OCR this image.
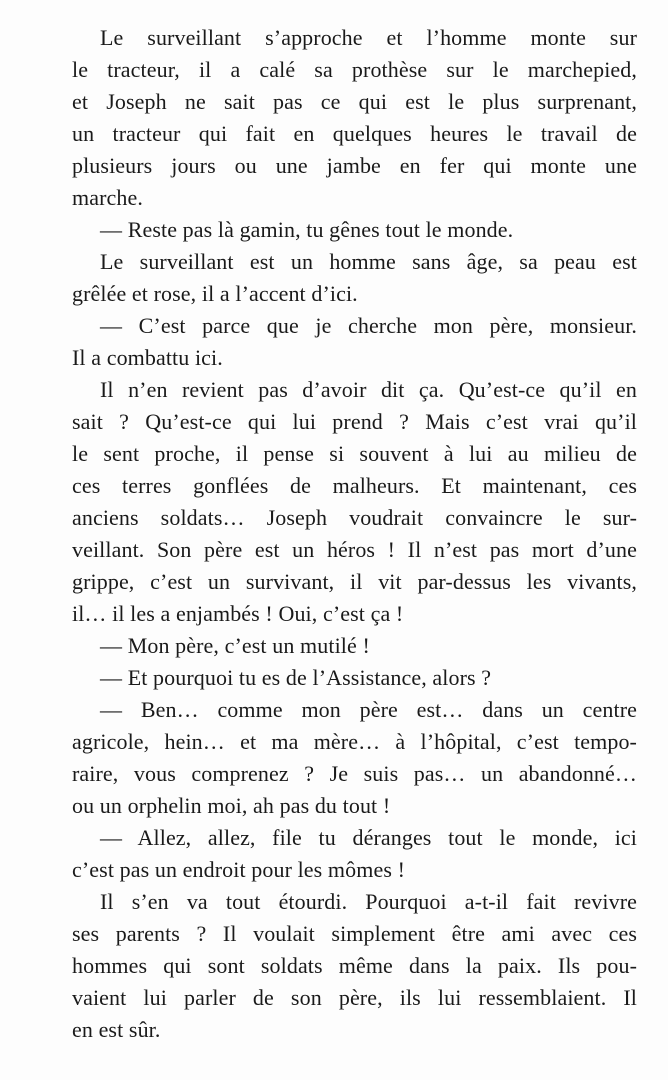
Le surveillant s’approche et l’homme monte sur
le tracteur, il a calé sa prothèse sur le marchepied,
et Joseph ne sait pas ce qui est le plus surprenant,
un tracteur qui fait en quelques heures le travail de
plusieurs jours ou une jambe en fer qui monte une
marche.
— Reste pas là gamin, tu gênes tout le monde.
Le surveillant est un homme sans âge, sa peau est
grêlée et rose, il a l’accent d’ici.
— C’est parce que je cherche mon père, monsieur.
Il a combattu ici.
Il n’en revient pas d’avoir dit ça. Qu’est-ce qu’il en
sait ? Qu’est-ce qui lui prend ? Mais c’est vrai qu’il
le sent proche, il pense si souvent à lui au milieu de
ces terres gonflées de malheurs. Et maintenant, ces
anciens soldats… Joseph voudrait convaincre le sur-
veillant. Son père est un héros ! Il n’est pas mort d’une
grippe, c’est un survivant, il vit par-dessus les vivants,
il… il les a enjambés ! Oui, c’est ça !
— Mon père, c’est un mutilé !
— Et pourquoi tu es de l’Assistance, alors ?
— Ben… comme mon père est… dans un centre
agricole, hein… et ma mère… à l’hôpital, c’est tempo-
raire, vous comprenez ? Je suis pas… un abandonné…
ou un orphelin moi, ah pas du tout !
— Allez, allez, file tu déranges tout le monde, ici
c’est pas un endroit pour les mômes !
Il s’en va tout étourdi. Pourquoi a-t-il fait revivre
ses parents ? Il voulait simplement être ami avec ces
hommes qui sont soldats même dans la paix. Ils pou-
vaient lui parler de son père, ils lui ressemblaient. Il
en est sûr.
